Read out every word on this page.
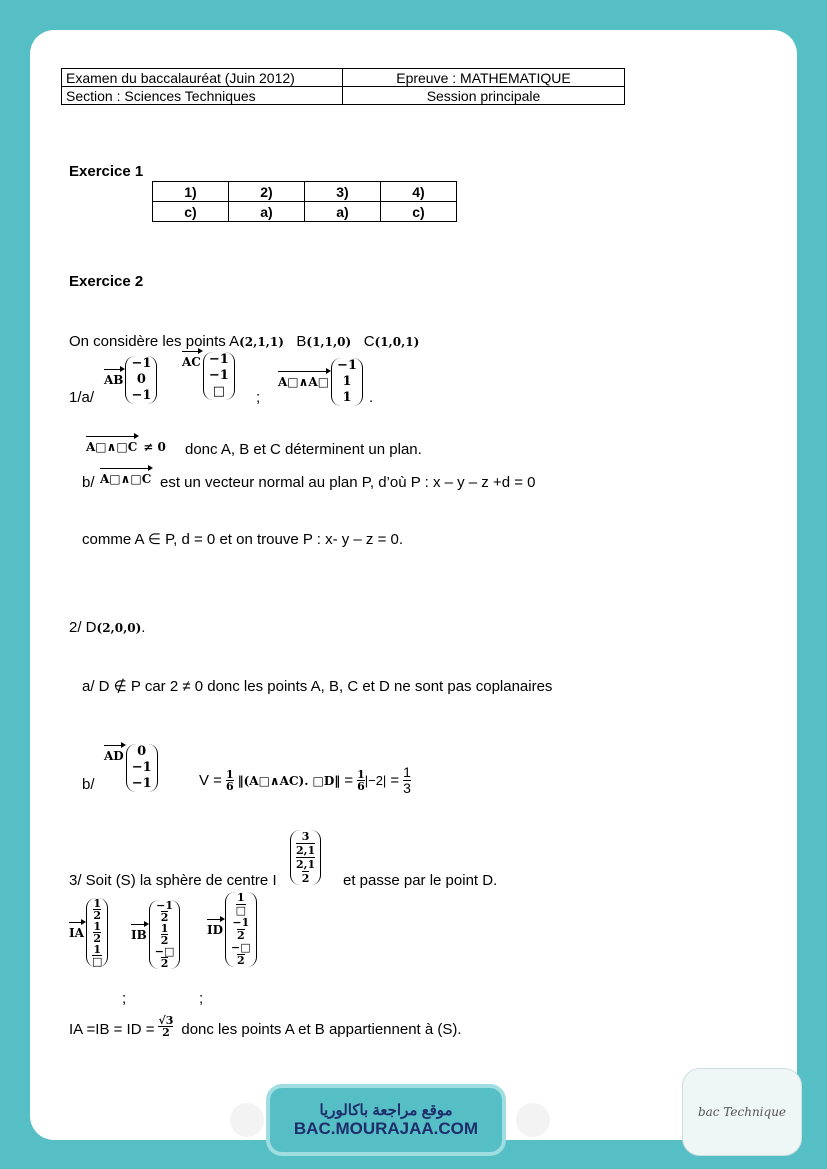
Examen du baccalauréat (Juin 2012)	Epreuve : MATHEMATIQUE
Section : Sciences Techniques	Session principale
Exercice 1
1)	2)	3)	4)
c)	a)	a)	c)
Exercice 2
On considère les points A(2,1,1) B(1,1,0) C(1,0,1)
1/a/
AB
−1
0
−1
AC −1
−1
□ ;
A□∧A□
−1
1
1 .
A□∧□C ≠ 0 donc A, B et C déterminent un plan.
b/ A□∧□C est un vecteur normal au plan P, d’où P : x – y – z +d = 0
comme A ∈ P, d = 0 et on trouve P : x- y – z = 0.
2/ D(2,0,0).
a/ D ∉ P car 2 ≠ 0 donc les points A, B, C et D ne sont pas coplanaires
b/
AD 0
−1
−1	$V = \frac{1}{6}$ ‖(A□∧AC). □D‖ = $\frac{1}{6} |-2| = \frac{1}{3}$
3/ Soit (S) la sphère de centre I
3
2,1
2,1
2 et passe par le point D.
IA
1
2
1
2
1
□
;
IB
−1
2
1
2
−□
2
;
ID
1
□
−1
2
−□
2
IA =IB = ID = $\frac{√3}{2}$ donc les points A et B appartiennent à (S).
موقع مراجعة باكالوريا
BAC.MOURAJAA.COM
bac Technique
